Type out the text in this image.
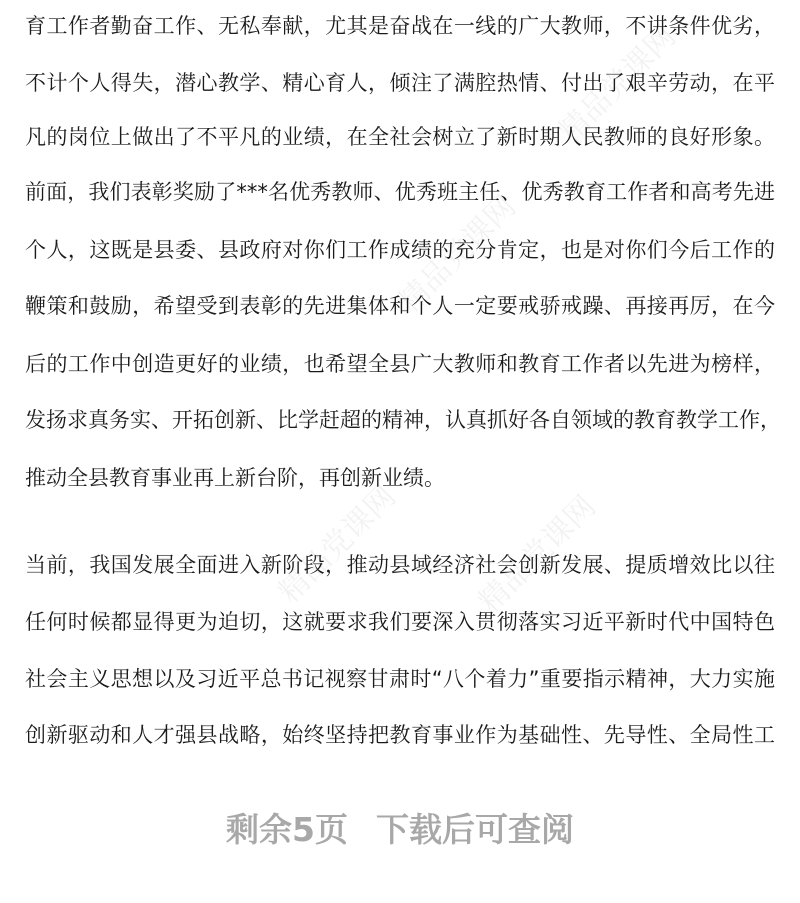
精品党课网
精品党课网
精品党课网 精品党课网
育工作者勤奋工作、无私奉献，尤其是奋战在一线的广大教师，不讲条件优劣，
不计个人得失，潜心教学、精心育人，倾注了满腔热情、付出了艰辛劳动，在平
凡的岗位上做出了不平凡的业绩，在全社会树立了新时期人民教师的良好形象。
前面，我们表彰奖励了***名优秀教师、优秀班主任、优秀教育工作者和高考先进
个人，这既是县委、县政府对你们工作成绩的充分肯定，也是对你们今后工作的
鞭策和鼓励，希望受到表彰的先进集体和个人一定要戒骄戒躁、再接再厉，在今
后的工作中创造更好的业绩，也希望全县广大教师和教育工作者以先进为榜样，
发扬求真务实、开拓创新、比学赶超的精神，认真抓好各自领域的教育教学工作，
推动全县教育事业再上新台阶，再创新业绩。
当前，我国发展全面进入新阶段，推动县域经济社会创新发展、提质增效比以往
任何时候都显得更为迫切，这就要求我们要深入贯彻落实习近平新时代中国特色
社会主义思想以及习近平总书记视察甘肃时“八个着力”重要指示精神，大力实施
创新驱动和人才强县战略，始终坚持把教育事业作为基础性、先导性、全局性工
剩余5页 下载后可查阅
